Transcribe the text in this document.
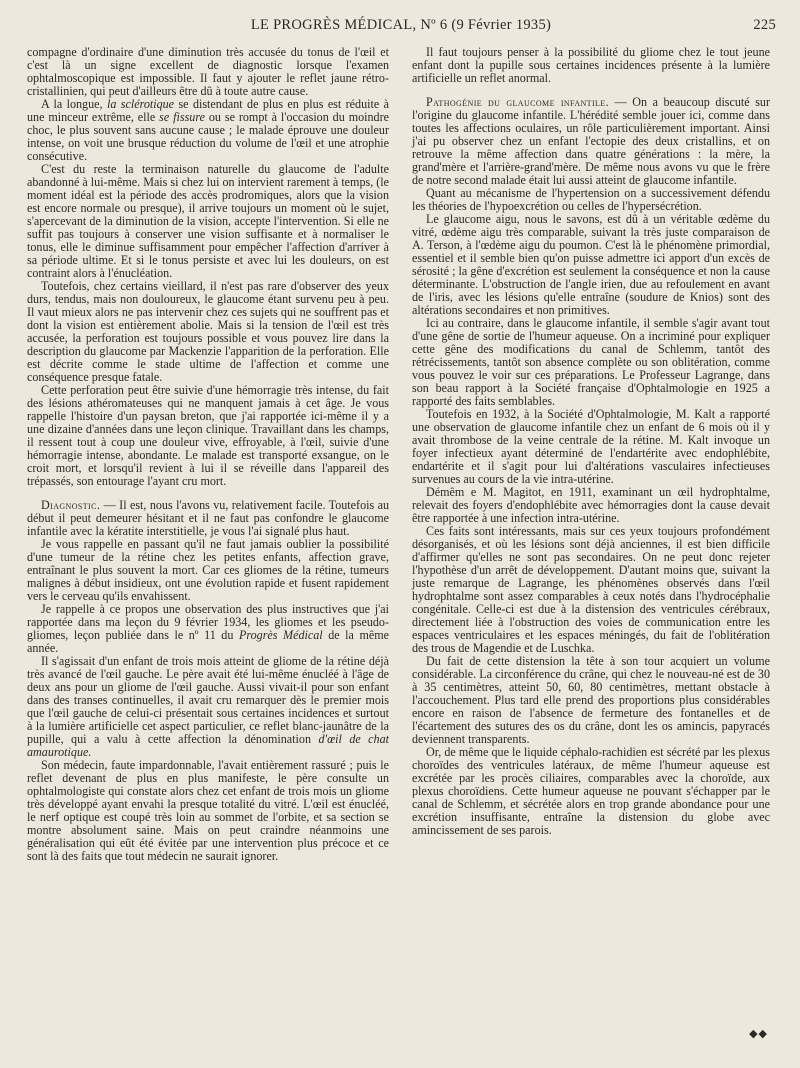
LE PROGRÈS MÉDICAL, Nº 6 (9 Février 1935)	225

compagne d'ordinaire d'une diminution très accusée du tonus de l'œil et c'est là un signe excellent de diagnostic lorsque l'examen ophtalmoscopique est impossible. Il faut y ajouter le reflet jaune rétro-cristallinien, qui peut d'ailleurs être dû à toute autre cause.

A la longue, la sclérotique se distendant de plus en plus est réduite à une minceur extrême, elle se fissure ou se rompt à l'occasion du moindre choc, le plus souvent sans aucune cause ; le malade éprouve une douleur intense, on voit une brusque réduction du volume de l'œil et une atrophie consécutive.

C'est du reste la terminaison naturelle du glaucome de l'adulte abandonné à lui-même. Mais si chez lui on intervient rarement à temps, (le moment idéal est la période des accès prodromiques, alors que la vision est encore normale ou presque), il arrive toujours un moment où le sujet, s'apercevant de la diminution de la vision, accepte l'intervention. Si elle ne suffit pas toujours à conserver une vision suffisante et à normaliser le tonus, elle le diminue suffisamment pour empêcher l'affection d'arriver à sa période ultime. Et si le tonus persiste et avec lui les douleurs, on est contraint alors à l'énucléation.

Toutefois, chez certains vieillard, il n'est pas rare d'observer des yeux durs, tendus, mais non douloureux, le glaucome étant survenu peu à peu. Il vaut mieux alors ne pas intervenir chez ces sujets qui ne souffrent pas et dont la vision est entièrement abolie. Mais si la tension de l'œil est très accusée, la perforation est toujours possible et vous pouvez lire dans la description du glaucome par Mackenzie l'apparition de la perforation. Elle est décrite comme le stade ultime de l'affection et comme une conséquence presque fatale.

Cette perforation peut être suivie d'une hémorragie très intense, du fait des lésions athéromateuses qui ne manquent jamais à cet âge. Je vous rappelle l'histoire d'un paysan breton, que j'ai rapportée ici-même il y a une dizaine d'années dans une leçon clinique. Travaillant dans les champs, il ressent tout à coup une douleur vive, effroyable, à l'œil, suivie d'une hémorragie intense, abondante. Le malade est transporté exsangue, on le croit mort, et lorsqu'il revient à lui il se réveille dans l'appareil des trépassés, son entourage l'ayant cru mort.

Diagnostic. — Il est, nous l'avons vu, relativement facile. Toutefois au début il peut demeurer hésitant et il ne faut pas confondre le glaucome infantile avec la kératite interstitielle, je vous l'ai signalé plus haut.

Je vous rappelle en passant qu'il ne faut jamais oublier la possibilité d'une tumeur de la rétine chez les petites enfants, affection grave, entraînant le plus souvent la mort. Car ces gliomes de la rétine, tumeurs malignes à début insidieux, ont une évolution rapide et fusent rapidement vers le cerveau qu'ils envahissent.

Je rappelle à ce propos une observation des plus instructives que j'ai rapportée dans ma leçon du 9 février 1934, les gliomes et les pseudo-gliomes, leçon publiée dans le nº 11 du Progrès Médical de la même année.

Il s'agissait d'un enfant de trois mois atteint de gliome de la rétine déjà très avancé de l'œil gauche. Le père avait été lui-même énucléé à l'âge de deux ans pour un gliome de l'œil gauche. Aussi vivait-il pour son enfant dans des transes continuelles, il avait cru remarquer dès le premier mois que l'œil gauche de celui-ci présentait sous certaines incidences et surtout à la lumière artificielle cet aspect particulier, ce reflet blanc-jaunâtre de la pupille, qui a valu à cette affection la dénomination d'œil de chat amaurotique.

Son médecin, faute impardonnable, l'avait entièrement rassuré ; puis le reflet devenant de plus en plus manifeste, le père consulte un ophtalmologiste qui constate alors chez cet enfant de trois mois un gliome très développé ayant envahi la presque totalité du vitré. L'œil est énucléé, le nerf optique est coupé très loin au sommet de l'orbite, et sa section se montre absolument saine. Mais on peut craindre néanmoins une généralisation qui eût été évitée par une intervention plus précoce et ce sont là des faits que tout médecin ne saurait ignorer.

Il faut toujours penser à la possibilité du gliome chez le tout jeune enfant dont la pupille sous certaines incidences présente à la lumière artificielle un reflet anormal.

Pathogénie du glaucome infantile. — On a beaucoup discuté sur l'origine du glaucome infantile. L'hérédité semble jouer ici, comme dans toutes les affections oculaires, un rôle particulièrement important. Ainsi j'ai pu observer chez un enfant l'ectopie des deux cristallins, et on retrouve la même affection dans quatre générations : la mère, la grand'mère et l'arrière-grand'mère. De même nous avons vu que le frère de notre second malade était lui aussi atteint de glaucome infantile.

Quant au mécanisme de l'hypertension on a successivement défendu les théories de l'hypoexcrétion ou celles de l'hypersécrétion.

Le glaucome aigu, nous le savons, est dû à un véritable œdème du vitré, œdème aigu très comparable, suivant la très juste comparaison de A. Terson, à l'œdème aigu du poumon. C'est là le phénomène primordial, essentiel et il semble bien qu'on puisse admettre ici apport d'un excès de sérosité ; la gêne d'excrétion est seulement la conséquence et non la cause déterminante. L'obstruction de l'angle irien, due au refoulement en avant de l'iris, avec les lésions qu'elle entraîne (soudure de Knios) sont des altérations secondaires et non primitives.

Ici au contraire, dans le glaucome infantile, il semble s'agir avant tout d'une gêne de sortie de l'humeur aqueuse. On a incriminé pour expliquer cette gêne des modifications du canal de Schlemm, tantôt des rétrécissements, tantôt son absence complète ou son oblitération, comme vous pouvez le voir sur ces préparations. Le Professeur Lagrange, dans son beau rapport à la Société française d'Ophtalmologie en 1925 a rapporté des faits semblables.

Toutefois en 1932, à la Société d'Ophtalmologie, M. Kalt a rapporté une observation de glaucome infantile chez un enfant de 6 mois où il y avait thrombose de la veine centrale de la rétine. M. Kalt invoque un foyer infectieux ayant déterminé de l'endartérite avec endophlébite, endartérite et il s'agit pour lui d'altérations vasculaires infectieuses survenues au cours de la vie intra-utérine.

Démêm e M. Magitot, en 1911, examinant un œil hydrophtalme, relevait des foyers d'endophlébite avec hémorragies dont la cause devait être rapportée à une infection intra-utérine.

Ces faits sont intéressants, mais sur ces yeux toujours profondément désorganisés, et où les lésions sont déjà anciennes, il est bien difficile d'affirmer qu'elles ne sont pas secondaires. On ne peut donc rejeter l'hypothèse d'un arrêt de développement. D'autant moins que, suivant la juste remarque de Lagrange, les phénomènes observés dans l'œil hydrophtalme sont assez comparables à ceux notés dans l'hydrocéphalie congénitale. Celle-ci est due à la distension des ventricules cérébraux, directement liée à l'obstruction des voies de communication entre les espaces ventriculaires et les espaces méningés, du fait de l'oblitération des trous de Magendie et de Luschka.

Du fait de cette distension la tête à son tour acquiert un volume considérable. La circonférence du crâne, qui chez le nouveau-né est de 30 à 35 centimètres, atteint 50, 60, 80 centimètres, mettant obstacle à l'accouchement. Plus tard elle prend des proportions plus considérables encore en raison de l'absence de fermeture des fontanelles et de l'écartement des sutures des os du crâne, dont les os amincis, papyracés deviennent transparents.

Or, de même que le liquide céphalo-rachidien est sécrété par les plexus choroïdes des ventricules latéraux, de même l'humeur aqueuse est excrétée par les procès ciliaires, comparables avec la choroïde, aux plexus choroïdiens. Cette humeur aqueuse ne pouvant s'échapper par le canal de Schlemm, et sécrétée alors en trop grande abondance pour une excrétion insuffisante, entraîne la distension du globe avec amincissement de ses parois.

◆◆
